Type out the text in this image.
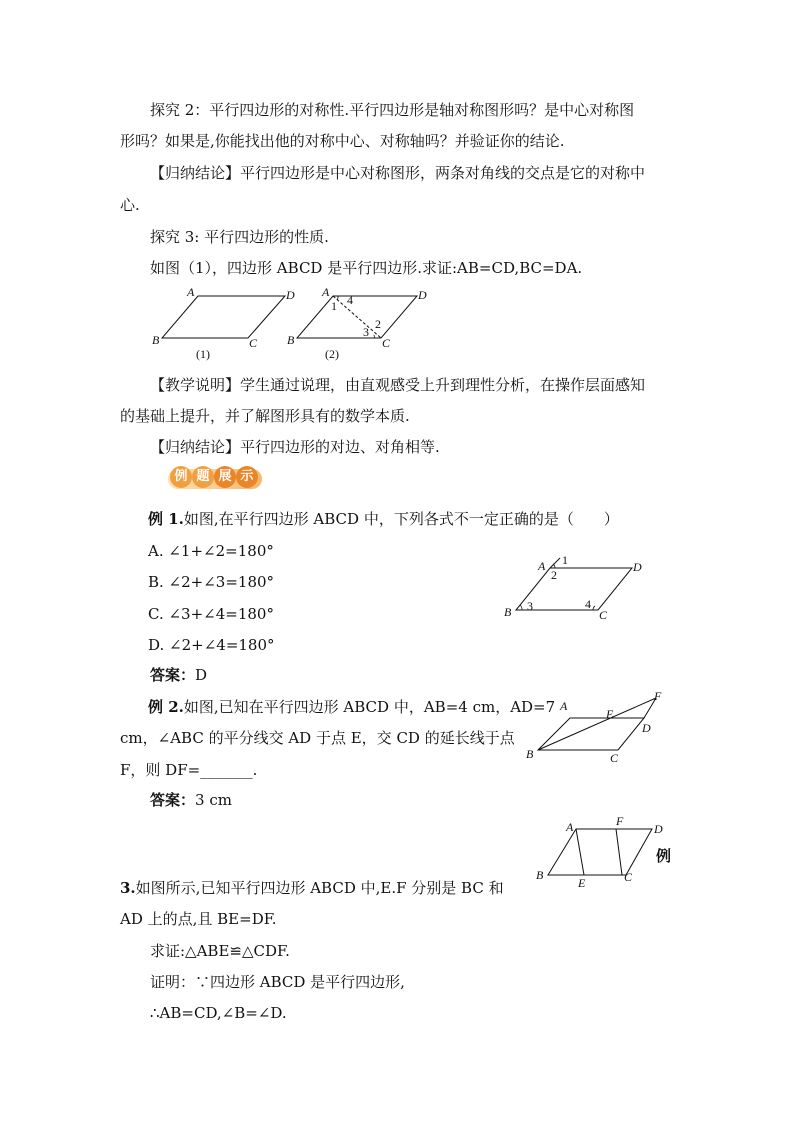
探究 2：平行四边形的对称性.平行四边形是轴对称图形吗？是中心对称图
形吗？如果是,你能找出他的对称中心、对称轴吗？并验证你的结论.
【归纳结论】平行四边形是中心对称图形，两条对角线的交点是它的对称中
心.
探究 3: 平行四边形的性质.
如图（1），四边形 ABCD 是平行四边形.求证:AB=CD,BC=DA.
A	D
B	C
(1)
A	D
B	C
1 4
2
3
(2)
【教学说明】学生通过说理，由直观感受上升到理性分析，在操作层面感知
的基础上提升，并了解图形具有的数学本质.
【归纳结论】平行四边形的对边、对角相等.
例 题 展 示
例 1.如图,在平行四边形 ABCD 中，下列各式不一定正确的是（　　）
A. ∠1+∠2=180°
B. ∠2+∠3=180°
C. ∠3+∠4=180°
D. ∠2+∠4=180°
答案：D
A	D
B	C
1
2
3	4
例 2.如图,已知在平行四边形 ABCD 中，AB=4 cm，AD=7
cm，∠ABC 的平分线交 AD 于点 E，交 CD 的延长线于点
F，则 DF=_______.
答案：3 cm
A
E
F
D
B	C
A	F
D
B
E	C
例
3.如图所示,已知平行四边形 ABCD 中,E.F 分别是 BC 和
AD 上的点,且 BE=DF.
求证:△ABE≌△CDF.
证明：∵四边形 ABCD 是平行四边形,
∴AB=CD,∠B=∠D.
